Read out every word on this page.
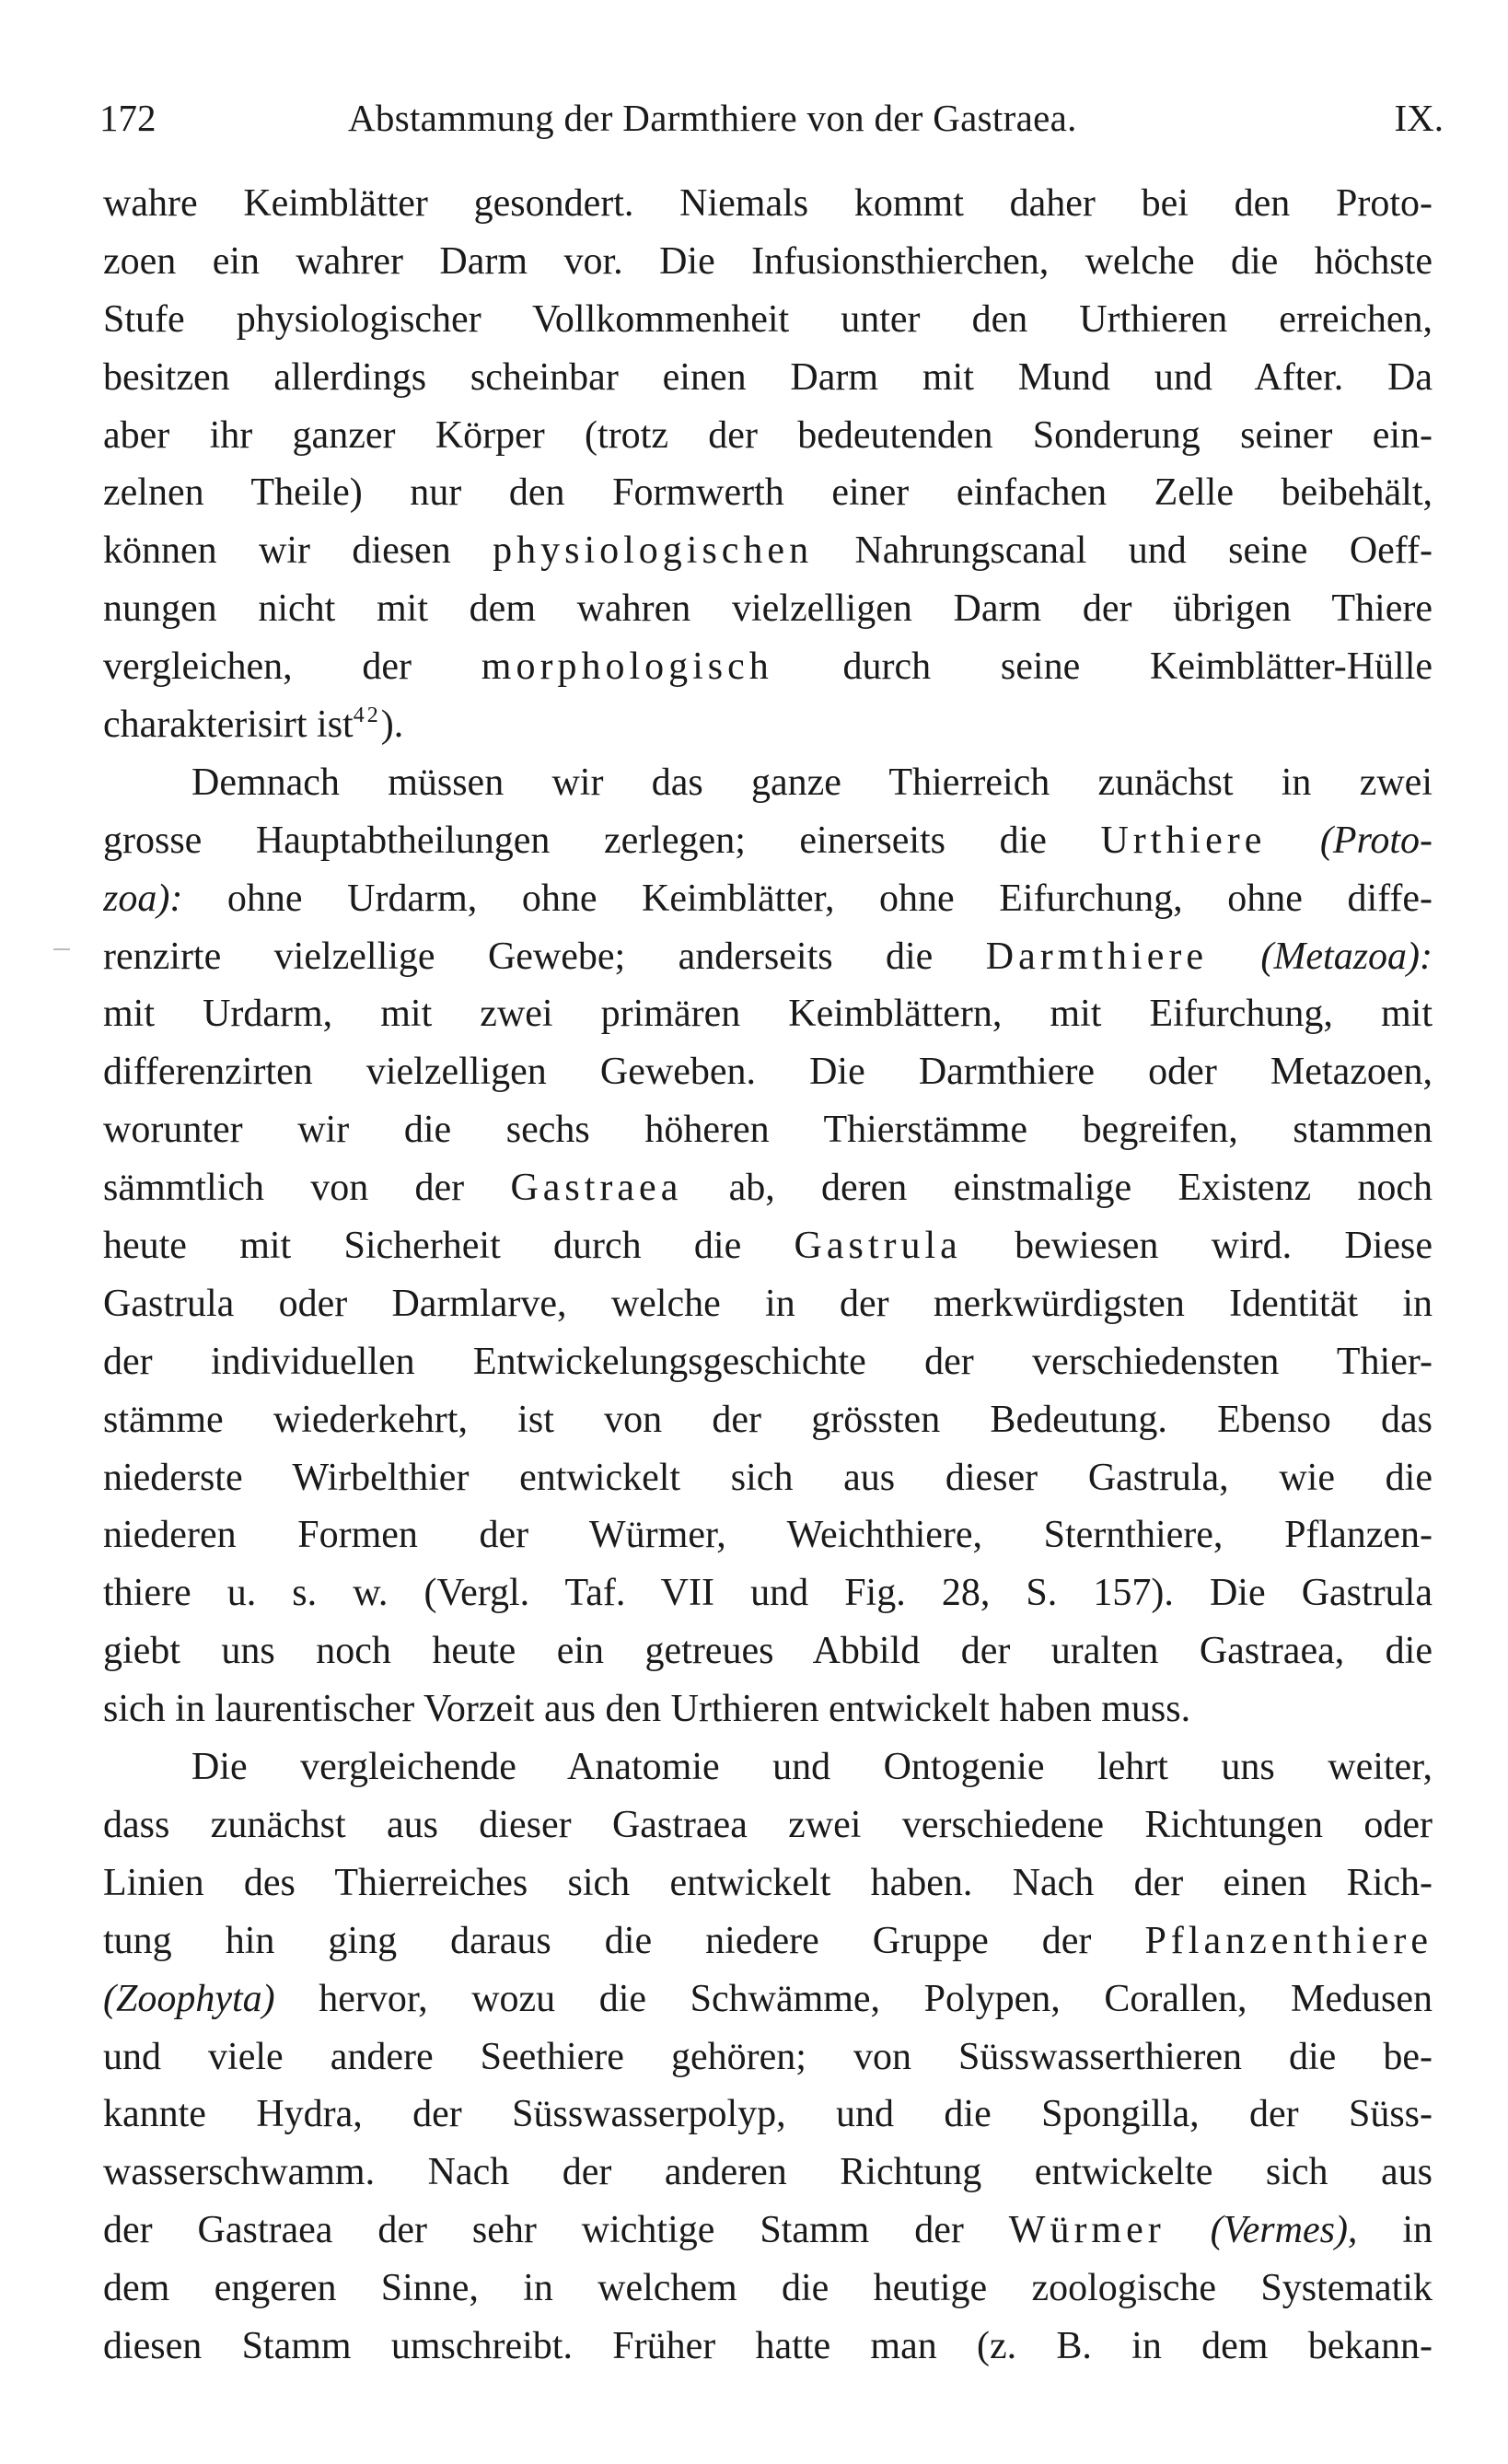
172	Abstammung der Darmthiere von der Gastraea.	IX.
wahre Keimblätter gesondert. Niemals kommt daher bei den Proto-
zoen ein wahrer Darm vor. Die Infusionsthierchen, welche die höchste
Stufe physiologischer Vollkommenheit unter den Urthieren erreichen,
besitzen allerdings scheinbar einen Darm mit Mund und After. Da
aber ihr ganzer Körper (trotz der bedeutenden Sonderung seiner ein-
zelnen Theile) nur den Formwerth einer einfachen Zelle beibehält,
können wir diesen physiologischen Nahrungscanal und seine Oeff-
nungen nicht mit dem wahren vielzelligen Darm der übrigen Thiere
vergleichen, der morphologisch durch seine Keimblätter-Hülle
charakterisirt ist$^{42}$).
Demnach müssen wir das ganze Thierreich zunächst in zwei
grosse Hauptabtheilungen zerlegen; einerseits die Urthiere (Proto-
zoa): ohne Urdarm, ohne Keimblätter, ohne Eifurchung, ohne diffe-
renzirte vielzellige Gewebe; anderseits die Darmthiere (Metazoa):
mit Urdarm, mit zwei primären Keimblättern, mit Eifurchung, mit
differenzirten vielzelligen Geweben. Die Darmthiere oder Metazoen,
worunter wir die sechs höheren Thierstämme begreifen, stammen
sämmtlich von der Gastraea ab, deren einstmalige Existenz noch
heute mit Sicherheit durch die Gastrula bewiesen wird. Diese
Gastrula oder Darmlarve, welche in der merkwürdigsten Identität in
der individuellen Entwickelungsgeschichte der verschiedensten Thier-
stämme wiederkehrt, ist von der grössten Bedeutung. Ebenso das
niederste Wirbelthier entwickelt sich aus dieser Gastrula, wie die
niederen Formen der Würmer, Weichthiere, Sternthiere, Pflanzen-
thiere u. s. w. (Vergl. Taf. VII und Fig. 28, S. 157). Die Gastrula
giebt uns noch heute ein getreues Abbild der uralten Gastraea, die
sich in laurentischer Vorzeit aus den Urthieren entwickelt haben muss.
Die vergleichende Anatomie und Ontogenie lehrt uns weiter,
dass zunächst aus dieser Gastraea zwei verschiedene Richtungen oder
Linien des Thierreiches sich entwickelt haben. Nach der einen Rich-
tung hin ging daraus die niedere Gruppe der Pflanzenthiere
(Zoophyta) hervor, wozu die Schwämme, Polypen, Corallen, Medusen
und viele andere Seethiere gehören; von Süsswasserthieren die be-
kannte Hydra, der Süsswasserpolyp, und die Spongilla, der Süss-
wasserschwamm. Nach der anderen Richtung entwickelte sich aus
der Gastraea der sehr wichtige Stamm der Würmer (Vermes), in
dem engeren Sinne, in welchem die heutige zoologische Systematik
diesen Stamm umschreibt. Früher hatte man (z. B. in dem bekann-
